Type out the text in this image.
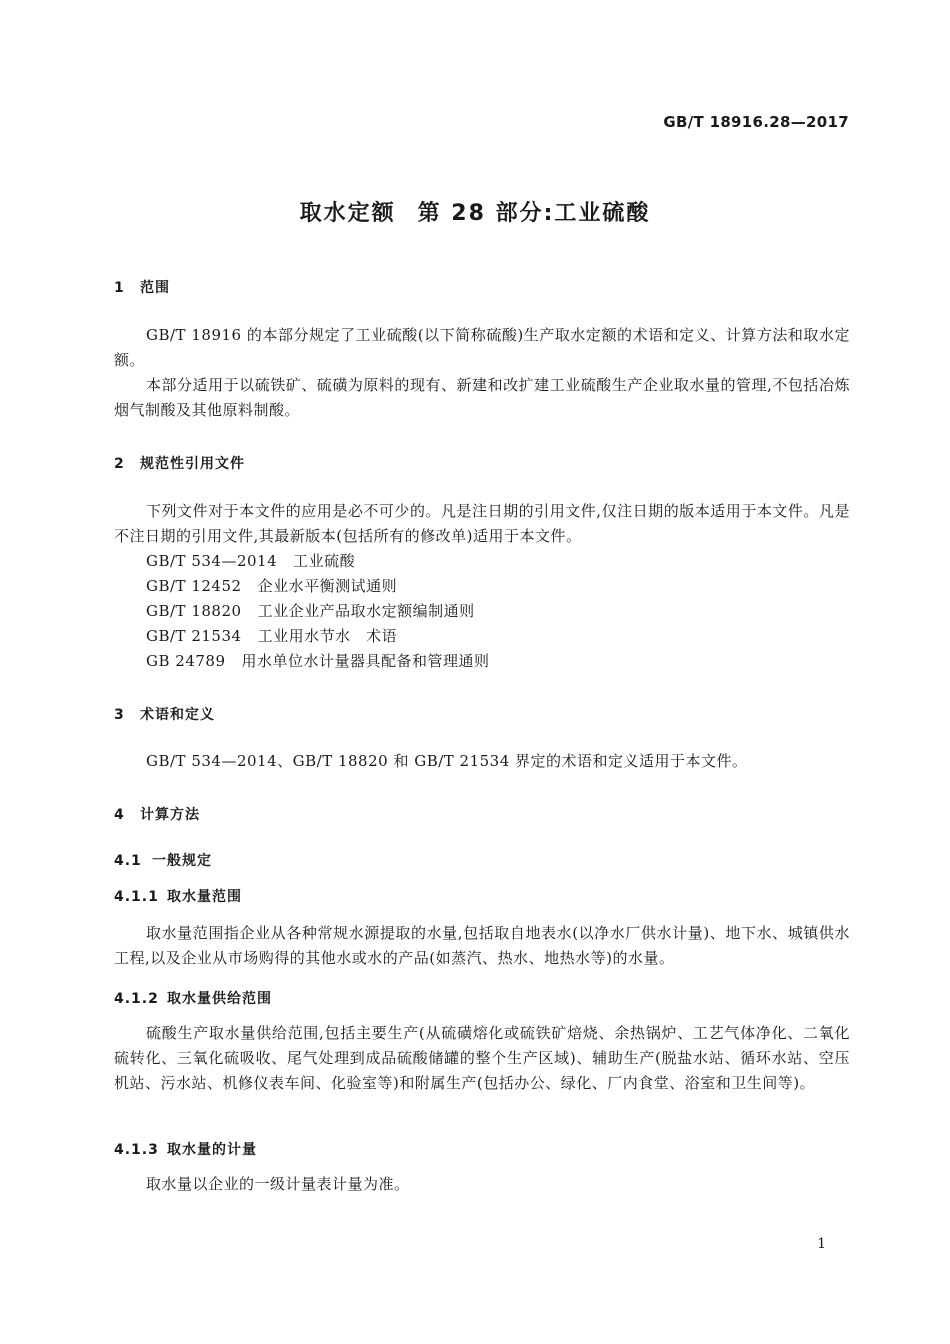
GB/T 18916.28—2017
取水定额 第 28 部分:工业硫酸
1 范围
GB/T 18916 的本部分规定了工业硫酸(以下简称硫酸)生产取水定额的术语和定义、计算方法和取水定额。
本部分适用于以硫铁矿、硫磺为原料的现有、新建和改扩建工业硫酸生产企业取水量的管理,不包括冶炼烟气制酸及其他原料制酸。
2 规范性引用文件
下列文件对于本文件的应用是必不可少的。凡是注日期的引用文件,仅注日期的版本适用于本文件。凡是不注日期的引用文件,其最新版本(包括所有的修改单)适用于本文件。
GB/T 534—2014 工业硫酸
GB/T 12452 企业水平衡测试通则
GB/T 18820 工业企业产品取水定额编制通则
GB/T 21534 工业用水节水　术语
GB 24789 用水单位水计量器具配备和管理通则
3 术语和定义
GB/T 534—2014、GB/T 18820 和 GB/T 21534 界定的术语和定义适用于本文件。
4 计算方法
4.1 一般规定
4.1.1 取水量范围
取水量范围指企业从各种常规水源提取的水量,包括取自地表水(以净水厂供水计量)、地下水、城镇供水工程,以及企业从市场购得的其他水或水的产品(如蒸汽、热水、地热水等)的水量。
4.1.2 取水量供给范围
硫酸生产取水量供给范围,包括主要生产(从硫磺熔化或硫铁矿焙烧、余热锅炉、工艺气体净化、二氧化硫转化、三氧化硫吸收、尾气处理到成品硫酸储罐的整个生产区域)、辅助生产(脱盐水站、循环水站、空压机站、污水站、机修仪表车间、化验室等)和附属生产(包括办公、绿化、厂内食堂、浴室和卫生间等)。
4.1.3 取水量的计量
取水量以企业的一级计量表计量为准。
1
